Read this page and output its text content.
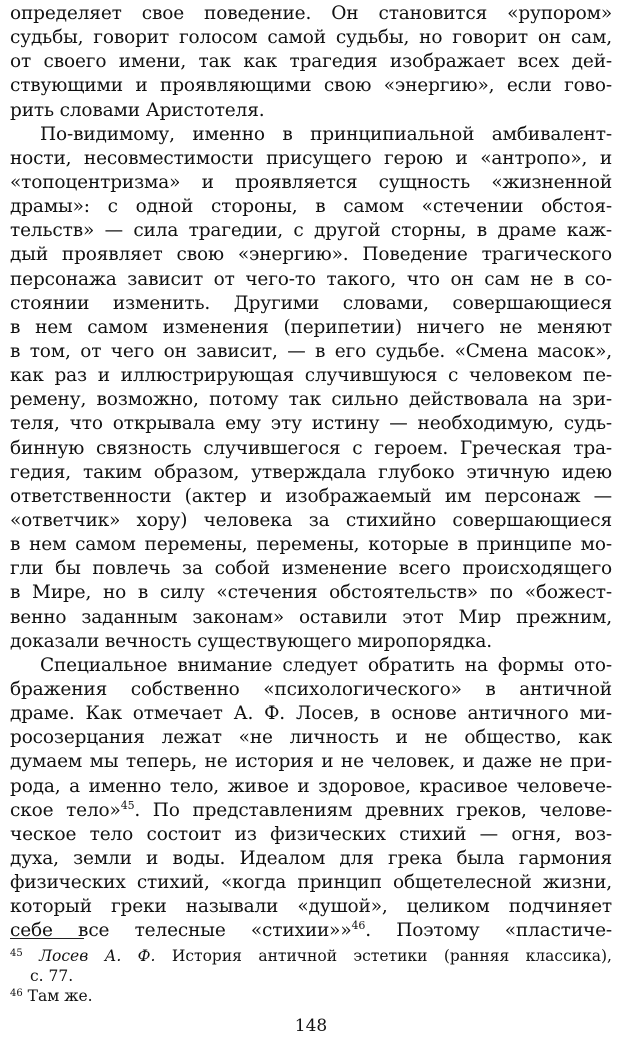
определяет свое поведение. Он становится «рупором»
судьбы, говорит голосом самой судьбы, но говорит он сам,
от своего имени, так как трагедия изображает всех дей-
ствующими и проявляющими свою «энергию», если гово-
рить словами Аристотеля.
По-видимому, именно в принципиальной амбивалент-
ности, несовместимости присущего герою и «антропо», и
«топоцентризма» и проявляется сущность «жизненной
драмы»: с одной стороны, в самом «стечении обстоя-
тельств» — сила трагедии, с другой сторны, в драме каж-
дый проявляет свою «энергию». Поведение трагического
персонажа зависит от чего-то такого, что он сам не в со-
стоянии изменить. Другими словами, совершающиеся
в нем самом изменения (перипетии) ничего не меняют
в том, от чего он зависит, — в его судьбе. «Смена масок»,
как раз и иллюстрирующая случившуюся с человеком пе-
ремену, возможно, потому так сильно действовала на зри-
теля, что открывала ему эту истину — необходимую, судь-
бинную связность случившегося с героем. Греческая тра-
гедия, таким образом, утверждала глубоко этичную идею
ответственности (актер и изображаемый им персонаж —
«ответчик» хору) человека за стихийно совершающиеся
в нем самом перемены, перемены, которые в принципе мо-
гли бы повлечь за собой изменение всего происходящего
в Мире, но в силу «стечения обстоятельств» по «божест-
венно заданным законам» оставили этот Мир прежним,
доказали вечность существующего миропорядка.
Специальное внимание следует обратить на формы ото-
бражения собственно «психологического» в античной
драме. Как отмечает А. Ф. Лосев, в основе античного ми-
росозерцания лежат «не личность и не общество, как
думаем мы теперь, не история и не человек, и даже не при-
рода, а именно тело, живое и здоровое, красивое человече-
ское тело»$^{45}$. По представлениям древних греков, челове-
ческое тело состоит из физических стихий — огня, воз-
духа, земли и воды. Идеалом для грека была гармония
физических стихий, «когда принцип общетелесной жизни,
который греки называли «душой», целиком подчиняет
себе все телесные «стихии»»$^{46}$. Поэтому «пластиче-
$^{45}$ Лосев А. Ф. История античной эстетики (ранняя классика),
с. 77.
$^{46}$ Там же.
148
